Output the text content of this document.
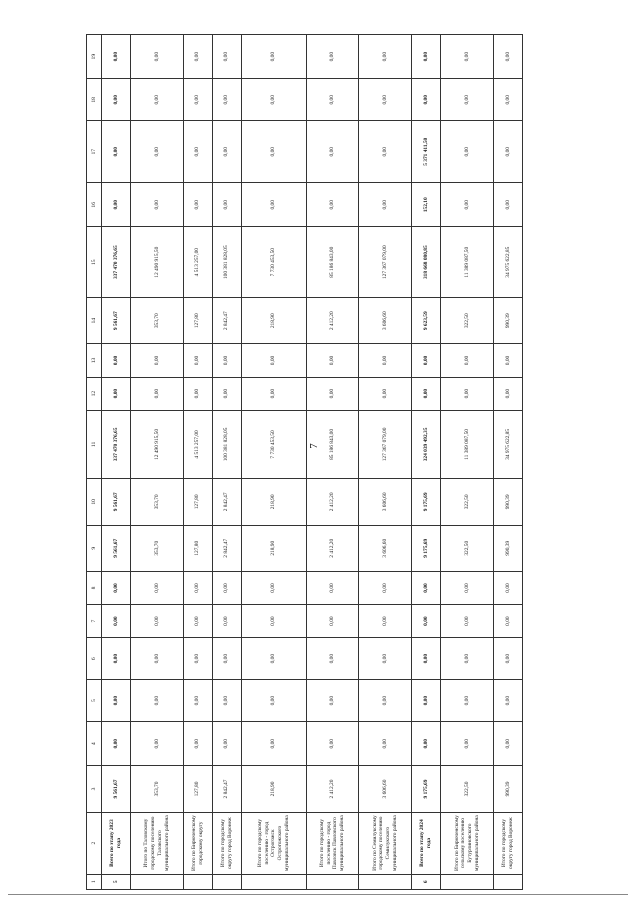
7
1	2	3	4	5	6	7	8	9	10	11	12	13	14	15	16	17	18	19
5	Всего по этапу 2023 года	9 561,67	0,00	0,00	0,00	0,00	0,00	9 561,67	9 561,67	337 470 376,65	0,00	0,00	9 561,67	337 470 376,65	0,00	0,00	0,00	0,00
	Итого по Таловскому городскому поселению Таловского муниципального района	353,70	0,00	0,00	0,00	0,00	0,00	353,70	353,70	12 490 915,50	0,00	0,00	353,70	12 490 915,50	0,00	0,00	0,00	0,00
	Итого по Бирюченскому городскому округу	127,80	0,00	0,00	0,00	0,00	0,00	127,80	127,80	4 513 257,00	0,00	0,00	127,80	4 513 257,00	0,00	0,00	0,00	0,00
	Итого по городскому округу город Воронеж	2 842,47	0,00	0,00	0,00	0,00	0,00	2 842,47	2 842,47	100 381 828,05	0,00	0,00	2 842,47	100 381 828,05	0,00	0,00	0,00	0,00
	Итого по городскому поселению - город Острогожск Острогожского муниципального района	218,90	0,00	0,00	0,00	0,00	0,00	218,90	218,90	7 730 453,50	0,00	0,00	218,90	7 730 453,50	0,00	0,00	0,00	0,00
	Итого по городскому поселению - город Павловск Павловского муниципального района	2 412,20	0,00	0,00	0,00	0,00	0,00	2 412,20	2 412,20	85 186 843,00	0,00	0,00	2 412,20	85 186 843,00	0,00	0,00	0,00	0,00
	Итого по Семилукскому городскому поселению Семилукского муниципального района	3 606,60	0,00	0,00	0,00	0,00	0,00	3 606,60	3 606,60	127 367 079,00	0,00	0,00	3 606,60	127 367 079,00	0,00	0,00	0,00	0,00
6	Всего по этапу 2024 года	9 175,69	0,00	0,00	0,00	0,00	0,00	9 175,69	9 175,69	324 039 492,35	0,00	0,00	9 623,59	318 668 080,85	152,10	5 371 411,50	0,00	0,00
	Итого по Бирюченскому сельскому поселению Бутурлиновского муниципального района	322,50	0,00	0,00	0,00	0,00	0,00	322,50	322,50	11 389 087,50	0,00	0,00	322,50	11 389 087,50	0,00	0,00	0,00	0,00
	Итого по городскому округу город Воронеж	990,39	0,00	0,00	0,00	0,00	0,00	990,39	990,39	34 975 622,85	0,00	0,00	990,39	34 975 622,85	0,00	0,00	0,00	0,00
